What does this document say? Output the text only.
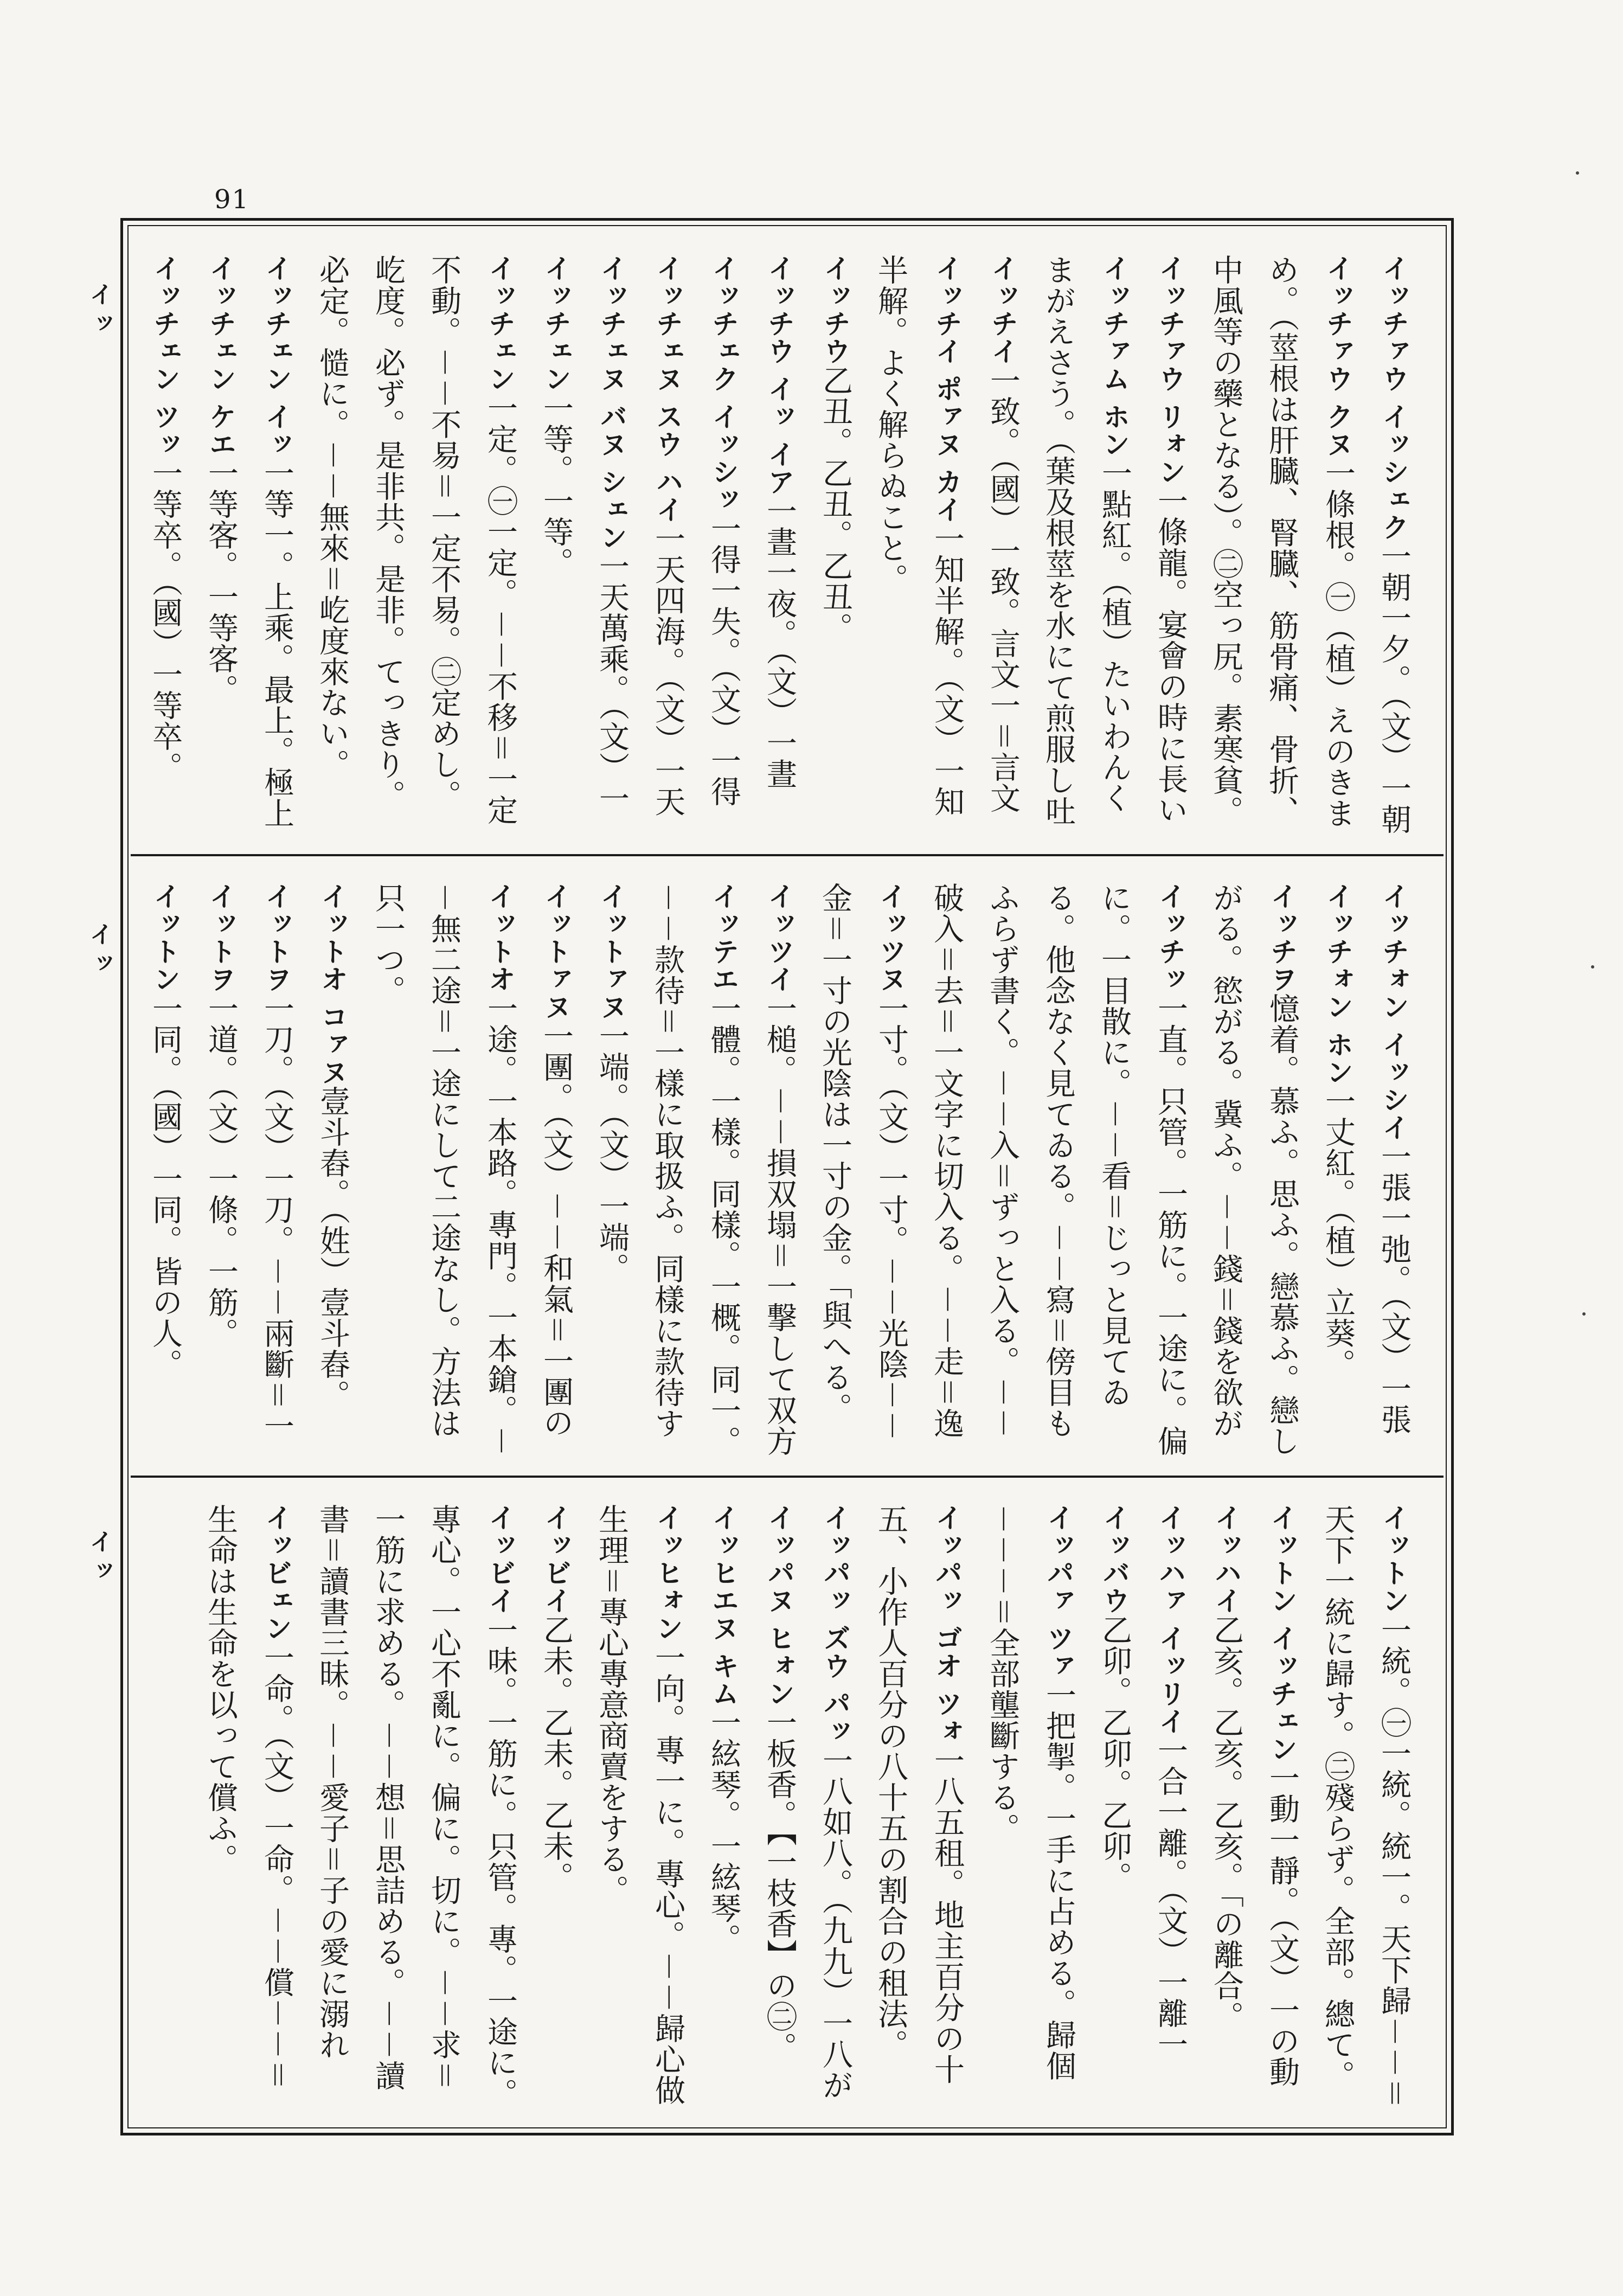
91
イッ
イッ
イッ
イッチァウ イッシェク一朝一夕。（文）一朝
イッチァウ クヌ一條根。㊀（植）えのきまめ。（莖根は肝臓、腎臓、筋骨痛、骨折、中風等の藥となる）。㊁空っ尻。素寒貧。
イッチァウ リォン一條龍。宴會の時に長い
イッチァム ホン一點紅。（植）たいわんくまがえさう。（葉及根莖を水にて煎服し吐
イッチイ一致。（國）一致。言文一＝言文
イッチイ ポァヌ カイ一知半解。（文）一知半解。よく解らぬこと。
イッチウ乙丑。乙丑。乙丑。
イッチウ イッ イア一晝一夜。（文）一晝
イッチェク イッシッ一得一失。（文）一得
イッチェヌ スウ ハイ一天四海。（文）一天
イッチェヌ バヌ シェン一天萬乘。（文）一
イッチェン一等。一等。
イッチェン一定。㊀一定。－－不移＝一定不動。－－不易＝一定不易。㊁定めし。屹度。必ず。是非共。是非。てっきり。必定。慥に。－－無來＝屹度來ない。
イッチェン イッ一等一。上乘。最上。極上
イッチェン ケエ一等客。一等客。
イッチェン ツッ一等卒。（國）一等卒。
イッチォン イッシイ一張一弛。（文）一張
イッチォン ホン一丈紅。（植）立葵。
イッチヲ憶着。慕ふ。思ふ。戀慕ふ。戀しがる。慾がる。冀ふ。－－錢＝錢を欲が
イッチッ一直。只管。一筋に。一途に。偏に。一目散に。－－看＝じっと見てゐる。他念なく見てゐる。－－寫＝傍目もふらず書く。－－入＝ずっと入る。－－破入＝去＝一文字に切入る。－－走＝逸
イッツヌ一寸。（文）一寸。－－光陰－－金＝一寸の光陰は一寸の金。「與へる。
イッツイ一槌。－－損双塌＝一撃して双方
イッテエ一體。一樣。同樣。一概。同一。－－款待＝一樣に取扱ふ。同樣に款待す
イットァヌ一端。（文）一端。
イットァヌ一團。（文）－－和氣＝一團の
イットオ一途。一本路。專門。一本鎗。－－無二途＝一途にして二途なし。方法は只一つ。
イットオ コァヌ壹斗舂。（姓）壹斗舂。
イットヲ一刀。（文）一刀。－－兩斷＝一
イットヲ一道。（文）一條。一筋。
イットン一同。（國）一同。皆の人。
イットン一統。㊀一統。統一。天下歸－－＝天下一統に歸す。㊁殘らず。全部。總て。
イットン イッチェン一動一靜。（文）一の動
イッハイ乙亥。乙亥。乙亥。「の離合。
イッハァ イッリイ一合一離。（文）一離一
イッバウ乙卯。乙卯。乙卯。
イッパァ ツァ一把掣。一手に占める。歸個－－－＝全部壟斷する。
イッパッ ゴオ ツォ一八五租。地主百分の十五、小作人百分の八十五の割合の租法。
イッパッ ズウ パッ一八如八。（九九）一八が
イッパヌ ヒォン一板香。【一枝香】の㊁。
イッヒエヌ キム一絃琴。一絃琴。
イッヒォン一向。專一に。專心。－－歸心做生理＝專心專意商賣をする。
イッビイ乙未。乙未。乙未。
イッビイ一味。一筋に。只管。專。一途に。專心。一心不亂に。偏に。切に。－－求＝一筋に求める。－－想＝思詰める。－－讀書＝讀書三昧。－－愛子＝子の愛に溺れ
イッビェン一命。（文）一命。－－償－－＝生命は生命を以って償ふ。
